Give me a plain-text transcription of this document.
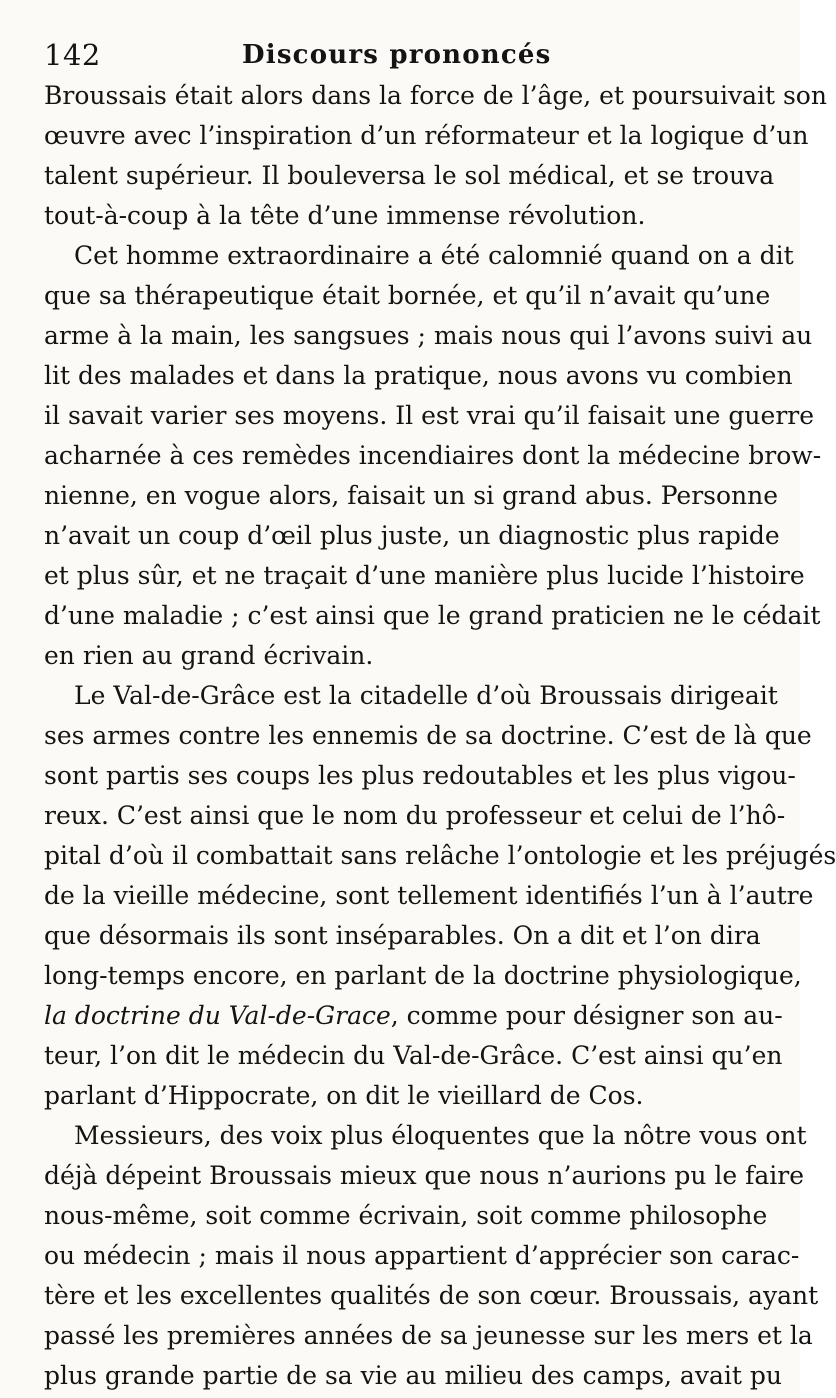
142	Discours prononcés
Broussais était alors dans la force de l’âge, et poursuivait son
œuvre avec l’inspiration d’un réformateur et la logique d’un
talent supérieur. Il bouleversa le sol médical, et se trouva
tout-à-coup à la tête d’une immense révolution.
Cet homme extraordinaire a été calomnié quand on a dit
que sa thérapeutique était bornée, et qu’il n’avait qu’une
arme à la main, les sangsues ; mais nous qui l’avons suivi au
lit des malades et dans la pratique, nous avons vu combien
il savait varier ses moyens. Il est vrai qu’il faisait une guerre
acharnée à ces remèdes incendiaires dont la médecine brow-
nienne, en vogue alors, faisait un si grand abus. Personne
n’avait un coup d’œil plus juste, un diagnostic plus rapide
et plus sûr, et ne traçait d’une manière plus lucide l’histoire
d’une maladie ; c’est ainsi que le grand praticien ne le cédait
en rien au grand écrivain.
Le Val-de-Grâce est la citadelle d’où Broussais dirigeait
ses armes contre les ennemis de sa doctrine. C’est de là que
sont partis ses coups les plus redoutables et les plus vigou-
reux. C’est ainsi que le nom du professeur et celui de l’hô-
pital d’où il combattait sans relâche l’ontologie et les préjugés
de la vieille médecine, sont tellement identifiés l’un à l’autre
que désormais ils sont inséparables. On a dit et l’on dira
long-temps encore, en parlant de la doctrine physiologique,
la doctrine du Val-de-Grace, comme pour désigner son au-
teur, l’on dit le médecin du Val-de-Grâce. C’est ainsi qu’en
parlant d’Hippocrate, on dit le vieillard de Cos.
Messieurs, des voix plus éloquentes que la nôtre vous ont
déjà dépeint Broussais mieux que nous n’aurions pu le faire
nous-même, soit comme écrivain, soit comme philosophe
ou médecin ; mais il nous appartient d’apprécier son carac-
tère et les excellentes qualités de son cœur. Broussais, ayant
passé les premières années de sa jeunesse sur les mers et la
plus grande partie de sa vie au milieu des camps, avait pu
